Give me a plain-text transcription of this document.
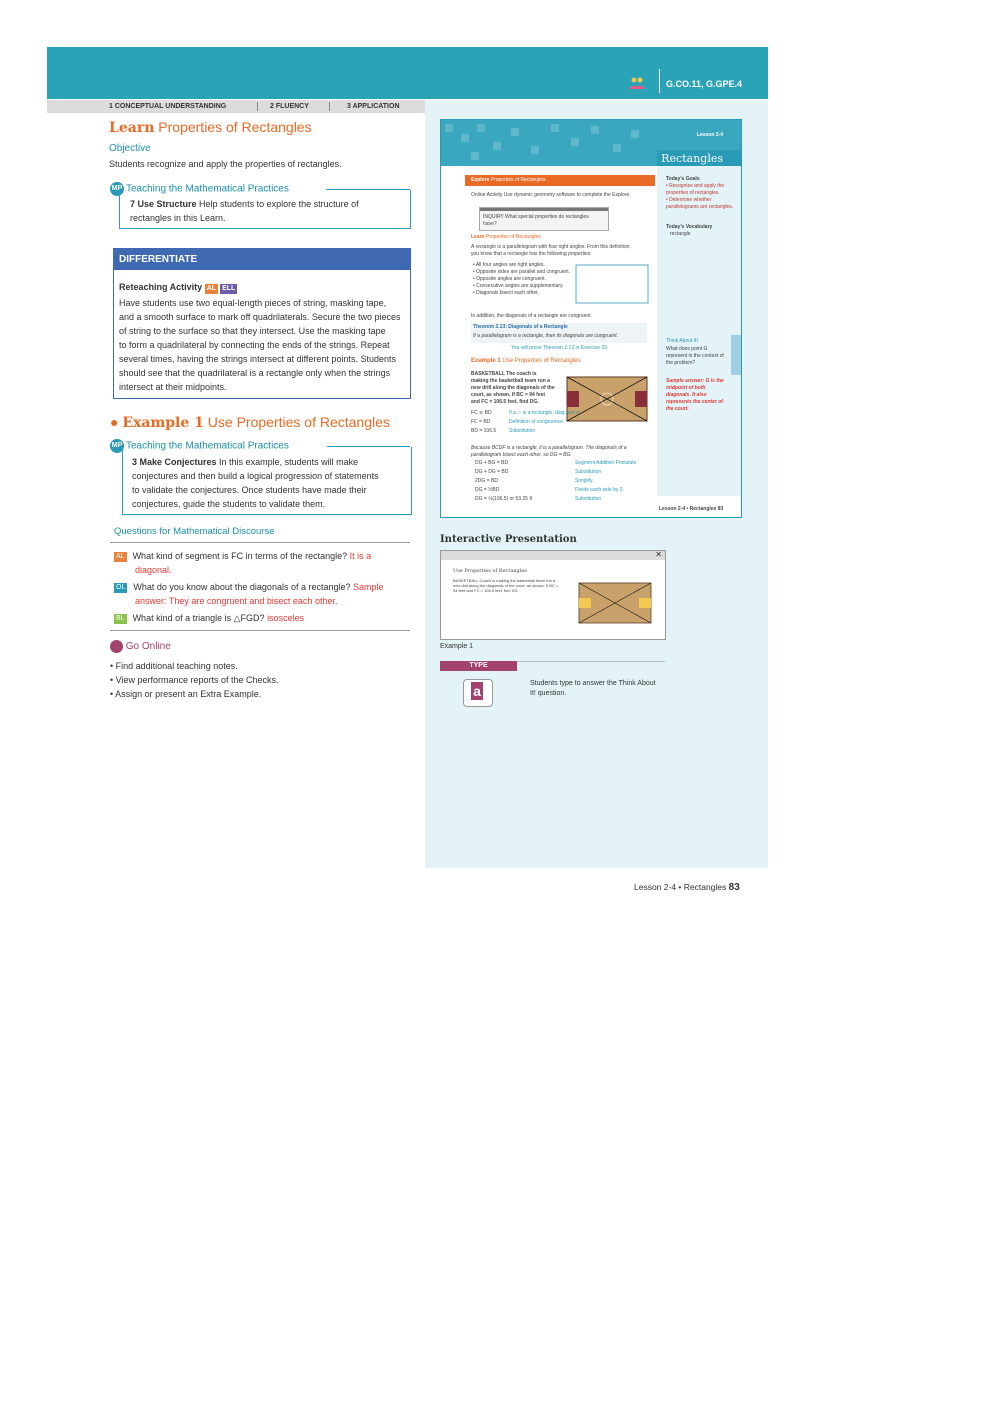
G.CO.11, G.GPE.4
1 CONCEPTUAL UNDERSTANDING	2 FLUENCY	3 APPLICATION
Learn Properties of Rectangles
Objective
Students recognize and apply the properties of rectangles.
MP Teaching the Mathematical Practices
7 Use Structure Help students to explore the structure of
rectangles in this Learn.
DIFFERENTIATE
Reteaching Activity AL ELL
Have students use two equal-length pieces of string, masking tape,
and a smooth surface to mark off quadrilaterals. Secure the two pieces
of string to the surface so that they intersect. Use the masking tape
to form a quadrilateral by connecting the ends of the strings. Repeat
several times, having the strings intersect at different points. Students
should see that the quadrilateral is a rectangle only when the strings
intersect at their midpoints.
● Example 1 Use Properties of Rectangles
MP Teaching the Mathematical Practices
3 Make Conjectures In this example, students will make
conjectures and then build a logical progression of statements
to validate the conjectures. Once students have made their
conjectures, guide the students to validate them.
Questions for Mathematical Discourse
AL What kind of segment is FC in terms of the rectangle? It is a
diagonal.
OL What do you know about the diagonals of a rectangle? Sample
answer: They are congruent and bisect each other.
BL What kind of a triangle is △FGD? isosceles
Go Online
• Find additional teaching notes.
• View performance reports of the Checks.
• Assign or present an Extra Example.
Lesson 2-4
Rectangles
Explore Properties of Rectangles
Online Activity Use dynamic geometry software to complete the Explore.
INQUIRY What special properties do rectangles have?
Learn Properties of Rectangles
A rectangle is a parallelogram with four right angles. From this definition, you know that a rectangle has the following properties:
• All four angles are right angles.
• Opposite sides are parallel and congruent.
• Opposite angles are congruent.
• Consecutive angles are supplementary.
• Diagonals bisect each other.
In addition, the diagonals of a rectangle are congruent.
Theorem 2.13: Diagonals of a Rectangle
If a parallelogram is a rectangle, then its diagonals are congruent.
You will prove Theorem 2.13 in Exercise 23.
Example 1 Use Properties of Rectangles
BASKETBALL The coach is making the basketball team run a new drill along the diagonals of the court, as shown. If BC = 94 feet and FC = 106.5 feet, find DG.
FC ≅ BD	If a ▱ is a rectangle, diag. are ≅.
FC = BD	Definition of congruence
BD = 106.5	Substitution
Because BCDF is a rectangle, it is a parallelogram. The diagonals of a parallelogram bisect each other, so DG = BG.
DG + BG = BD	Segment Addition Postulate
DG + DG = BD	Substitution
2DG = BD	Simplify.
DG = ½BD	Divide each side by 2.
DG = ½(106.5) or 53.25 ft	Substitution
Today's Goals
• Recognize and apply the properties of rectangles.
• Determine whether parallelograms are rectangles.
Today's Vocabulary
rectangle
Think About It!
What does point G represent in the context of the problem?
Sample answer: G is the midpoint of both diagonals. It also represents the center of the court.
Lesson 2-4 • Rectangles 83
Interactive Presentation
✕
Use Properties of Rectangles
BASKETBALL Coach is making the basketball team run a new drill along the diagonals of the court, as shown. If BC = 94 feet and FC = 106.5 feet, find DG.
Example 1
TYPE
a	Students type to answer the Think About
It! question.
Lesson 2-4 • Rectangles 83
